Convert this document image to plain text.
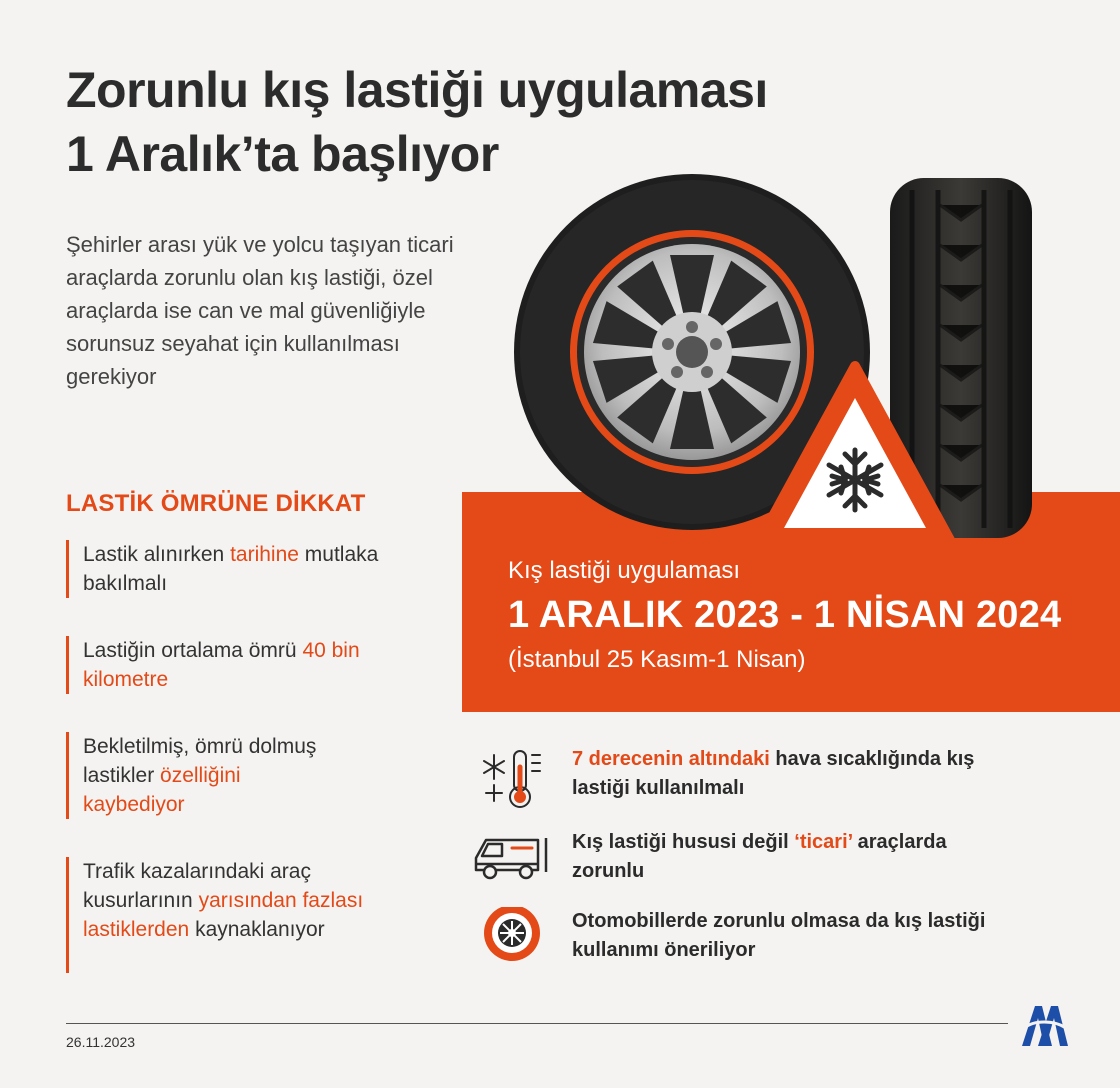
Zorunlu kış lastiği uygulaması
1 Aralık’ta başlıyor
Şehirler arası yük ve yolcu taşıyan ticari araçlarda zorunlu olan kış lastiği, özel araçlarda ise can ve mal güvenliğiyle sorunsuz seyahat için kullanılması gerekiyor
LASTİK ÖMRÜNE DİKKAT
Lastik alınırken tarihine mutlaka bakılmalı
Lastiğin ortalama ömrü 40 bin kilometre
Bekletilmiş, ömrü dolmuş lastikler özelliğini kaybediyor
Trafik kazalarındaki araç kusurlarının yarısından fazlası lastiklerden kaynaklanıyor
Kış lastiği uygulaması
1 ARALIK 2023 - 1 NİSAN 2024
(İstanbul 25 Kasım-1 Nisan)
7 derecenin altındaki hava sıcaklığında kış lastiği kullanılmalı
Kış lastiği hususi değil ‘ticari’ araçlarda zorunlu
Otomobillerde zorunlu olmasa da kış lastiği kullanımı öneriliyor
26.11.2023
